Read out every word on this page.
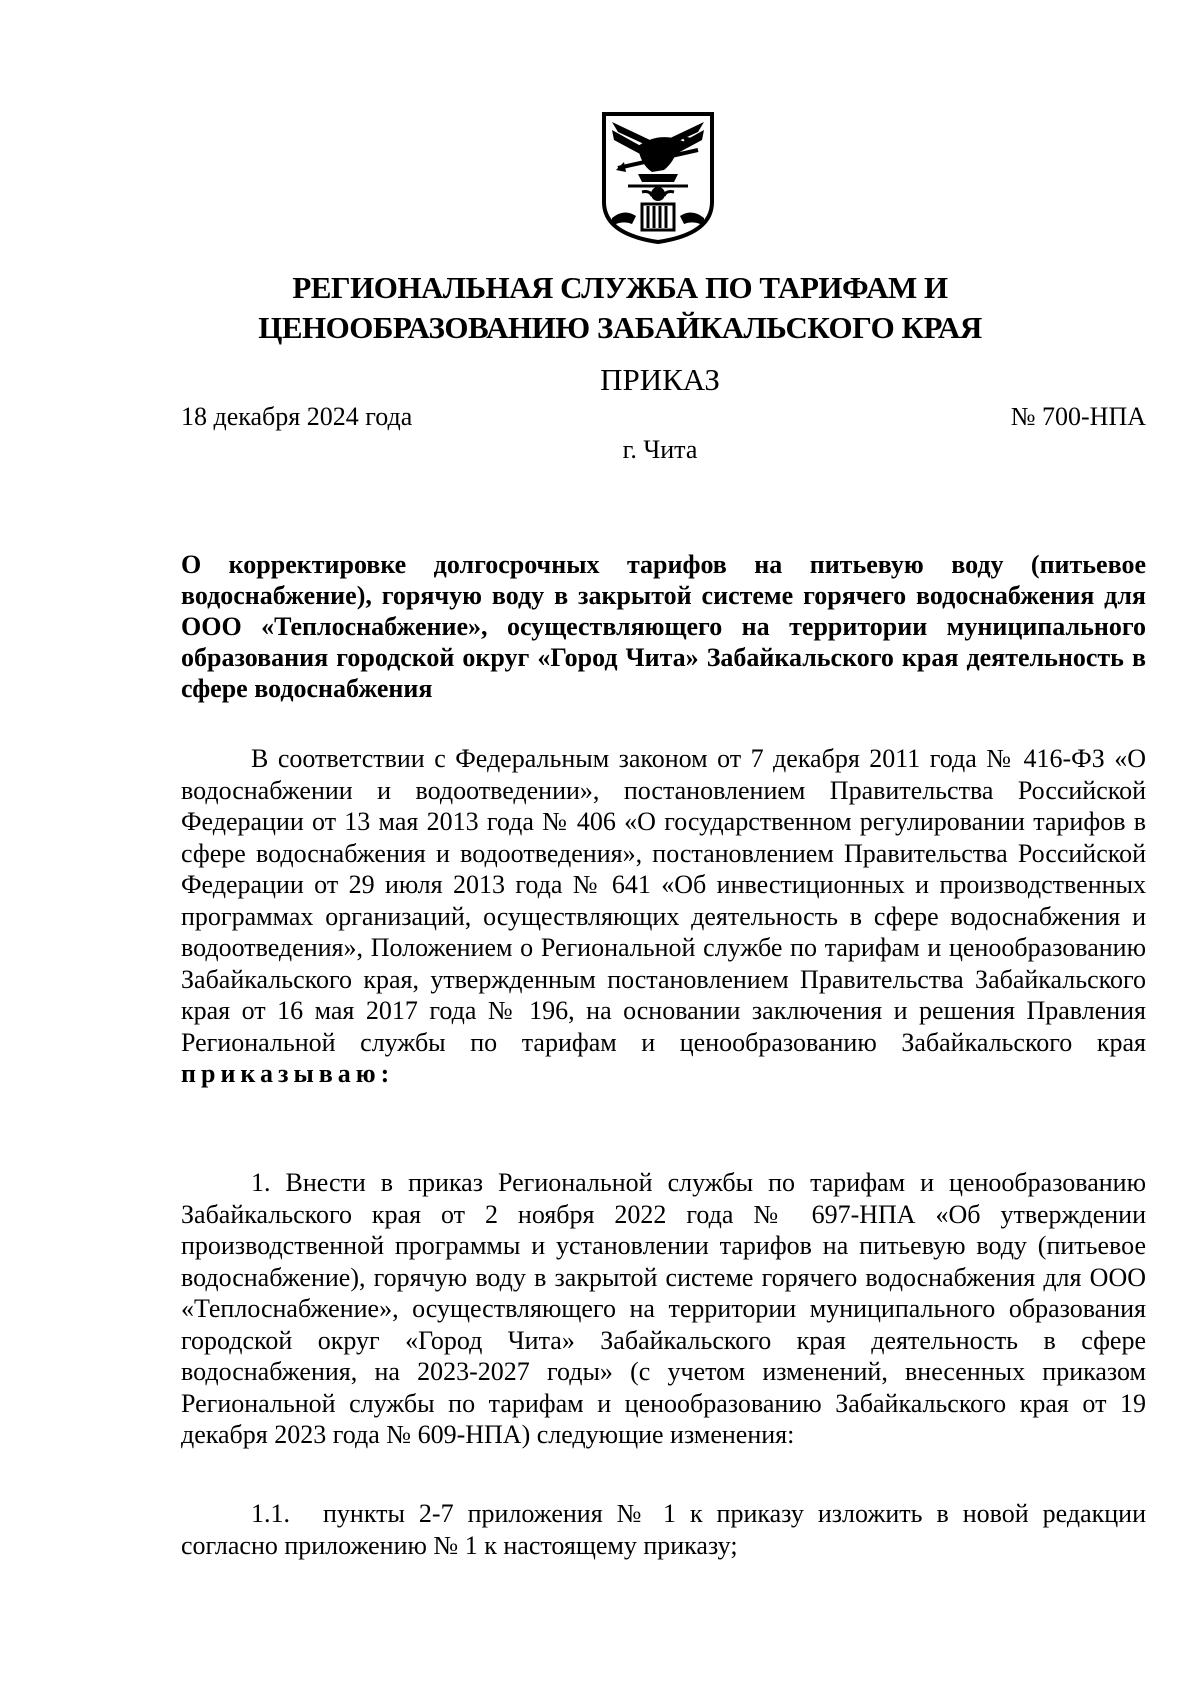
РЕГИОНАЛЬНАЯ СЛУЖБА ПО ТАРИФАМ И
ЦЕНООБРАЗОВАНИЮ ЗАБАЙКАЛЬСКОГО КРАЯ
ПРИКАЗ
18 декабря 2024 года	№ 700-НПА
г. Чита
О корректировке долгосрочных тарифов на питьевую воду (питьевое водоснабжение), горячую воду в закрытой системе горячего водоснабжения для ООО «Теплоснабжение», осуществляющего на территории муниципального образования городской округ «Город Чита» Забайкальского края деятельность в сфере водоснабжения
В соответствии с Федеральным законом от 7 декабря 2011 года № 416-ФЗ «О водоснабжении и водоотведении», постановлением Правительства Российской Федерации от 13 мая 2013 года № 406 «О государственном регулировании тарифов в сфере водоснабжения и водоотведения», постановлением Правительства Российской Федерации от 29 июля 2013 года № 641 «Об инвестиционных и производственных программах организаций, осуществляющих деятельность в сфере водоснабжения и водоотведения», Положением о Региональной службе по тарифам и ценообразованию Забайкальского края, утвержденным постановлением Правительства Забайкальского края от 16 мая 2017 года № 196, на основании заключения и решения Правления Региональной службы по тарифам и ценообразованию Забайкальского края приказываю:
1. Внести в приказ Региональной службы по тарифам и ценообразованию Забайкальского края от 2 ноября 2022 года № 697-НПА «Об утверждении производственной программы и установлении тарифов на питьевую воду (питьевое водоснабжение), горячую воду в закрытой системе горячего водоснабжения для ООО «Теплоснабжение», осуществляющего на территории муниципального образования городской округ «Город Чита» Забайкальского края деятельность в сфере водоснабжения, на 2023-2027 годы» (с учетом изменений, внесенных приказом Региональной службы по тарифам и ценообразованию Забайкальского края от 19 декабря 2023 года № 609-НПА) следующие изменения:
1.1. пункты 2-7 приложения № 1 к приказу изложить в новой редакции согласно приложению № 1 к настоящему приказу;
